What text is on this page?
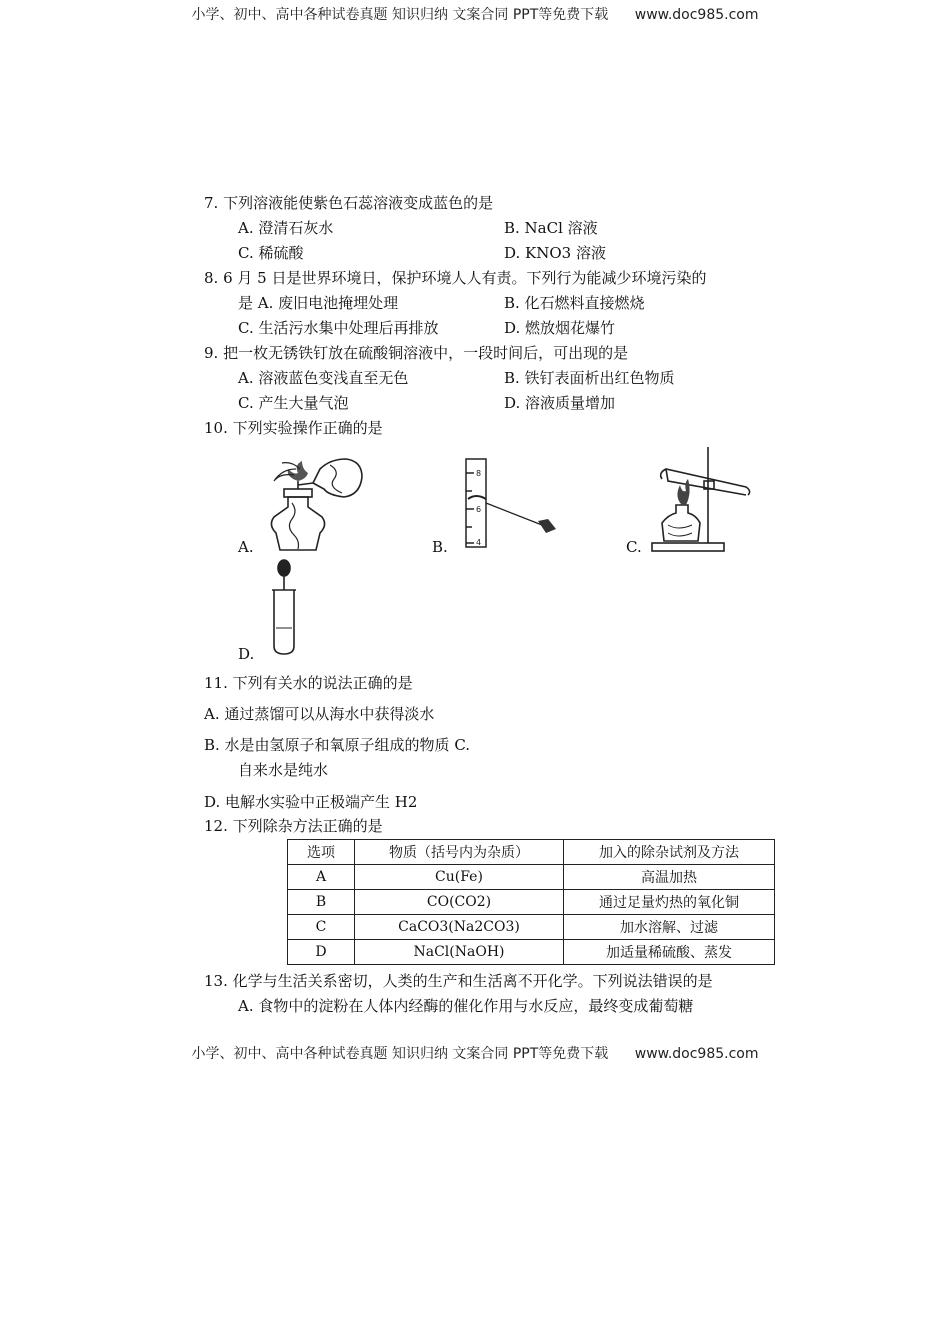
小学、初中、高中各种试卷真题 知识归纳 文案合同 PPT等免费下载 www.doc985.com
7. 下列溶液能使紫色石蕊溶液变成蓝色的是
A. 澄清石灰水	B. NaCl 溶液
C. 稀硫酸	D. KNO3 溶液
8. 6 月 5 日是世界环境日，保护环境人人有责。下列行为能减少环境污染的
是 A. 废旧电池掩埋处理	B. 化石燃料直接燃烧
C. 生活污水集中处理后再排放	D. 燃放烟花爆竹
9. 把一枚无锈铁钉放在硫酸铜溶液中，一段时间后，可出现的是
A. 溶液蓝色变浅直至无色	B. 铁钉表面析出红色物质
C. 产生大量气泡	D. 溶液质量增加
10. 下列实验操作正确的是
A.
8
6
4
B.	C.
D.
11. 下列有关水的说法正确的是
A. 通过蒸馏可以从海水中获得淡水
B. 水是由氢原子和氧原子组成的物质 C.
自来水是纯水
D. 电解水实验中正极端产生 H2
12. 下列除杂方法正确的是
选项	物质（括号内为杂质）	加入的除杂试剂及方法
A	Cu(Fe)	高温加热
B	CO(CO2)	通过足量灼热的氧化铜
C	CaCO3(Na2CO3)	加水溶解、过滤
D	NaCl(NaOH)	加适量稀硫酸、蒸发
13. 化学与生活关系密切，人类的生产和生活离不开化学。下列说法错误的是
A. 食物中的淀粉在人体内经酶的催化作用与水反应，最终变成葡萄糖
小学、初中、高中各种试卷真题 知识归纳 文案合同 PPT等免费下载 www.doc985.com
